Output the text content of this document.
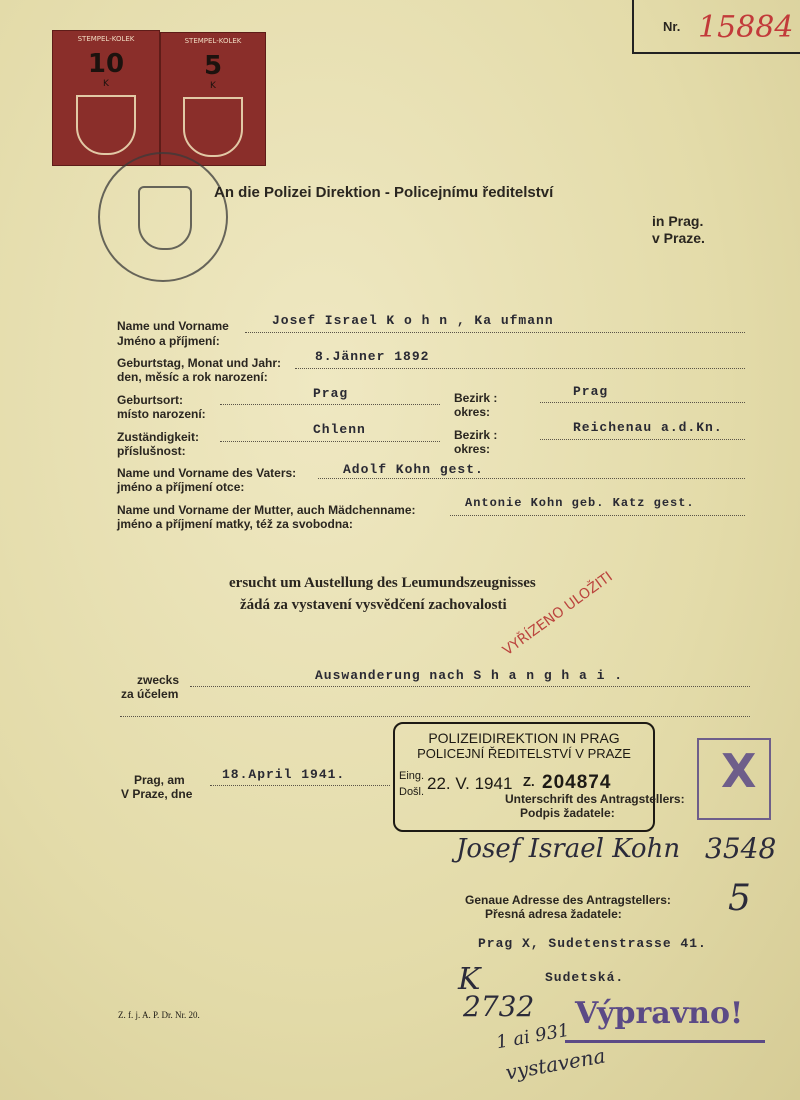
Nr. 15884
STEMPEL-KOLEK
10
K
STEMPEL-KOLEK
5
K
An die Polizei Direktion - Policejnímu ředitelství
in Prag.
v Praze.
Name und Vorname
Jméno a příjmení:
Josef Israel K o h n , Ka ufmann
Geburtstag, Monat und Jahr:
den, měsíc a rok narození:
8.Jänner 1892
Geburtsort:
místo narození:
Prag	Bezirk :
okres:
Prag
Zuständigkeit:
příslušnost:
Chlenn	Bezirk :
okres:
Reichenau a.d.Kn.
Name und Vorname des Vaters:
jméno a příjmení otce:
Adolf Kohn gest.
Name und Vorname der Mutter, auch Mädchenname:
jméno a příjmení matky, též za svobodna:
Antonie Kohn geb. Katz gest.
ersucht um Austellung des Leumundszeugnisses
žádá za vystavení vysvědčení zachovalosti
VYŘÍZENO ULOŽITI
zwecks
za účelem
Auswanderung nach S h a n g h a i .
Prag, am
V Praze, dne
18.April 1941.
POLIZEIDIREKTION IN PRAG
POLICEJNÍ ŘEDITELSTVÍ V PRAZE
Eing.
Došl. 22. V. 1941 Z. 204874
Unterschrift des Antragstellers:
Podpis žadatele:
Josef Israel Kohn 3548
X
5
Genaue Adresse des Antragstellers:
Přesná adresa žadatele:
Prag X, Sudetenstrasse 41.
Sudetská.
K
2732
1 ai 931
vystavena
Výpravno!
Z. f. j. A. P. Dr. Nr. 20.
